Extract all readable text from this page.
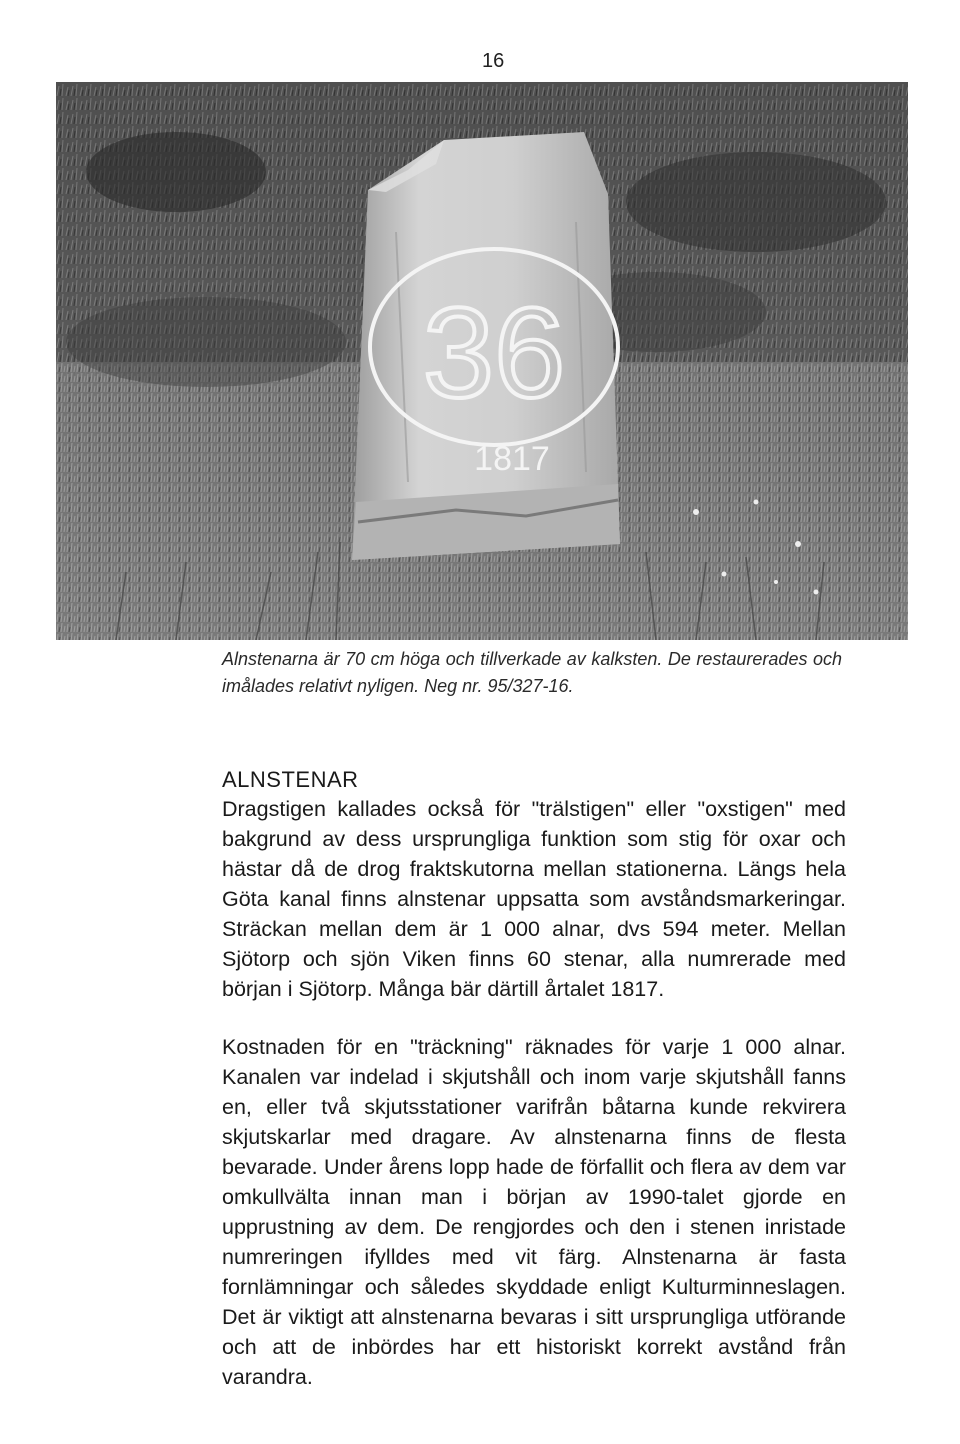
16
36
1817

Alnstenarna är 70 cm höga och tillverkade av kalksten. De restaurerades och imålades relativt nyligen. Neg nr. 95/327-16.

ALNSTENAR

Dragstigen kallades också för "trälstigen" eller "oxstigen" med bakgrund av dess ursprungliga funktion som stig för oxar och hästar då de drog fraktskutorna mellan stationerna. Längs hela Göta kanal finns alnstenar uppsatta som avståndsmarkeringar. Sträckan mellan dem är 1 000 alnar, dvs 594 meter. Mellan Sjötorp och sjön Viken finns 60 stenar, alla numrerade med början i Sjötorp. Många bär därtill årtalet 1817.

Kostnaden för en "träckning" räknades för varje 1 000 alnar. Kanalen var indelad i skjutshåll och inom varje skjutshåll fanns en, eller två skjutsstationer varifrån båtarna kunde rekvirera skjutskarlar med dragare. Av alnstenarna finns de flesta bevarade. Under årens lopp hade de förfallit och flera av dem var omkullvälta innan man i början av 1990-talet gjorde en upprustning av dem. De rengjordes och den i stenen inristade numreringen ifylldes med vit färg. Alnstenarna är fasta fornlämningar och således skyddade enligt Kulturminneslagen. Det är viktigt att alnstenarna bevaras i sitt ursprungliga utförande och att de inbördes har ett historiskt korrekt avstånd från varandra.
